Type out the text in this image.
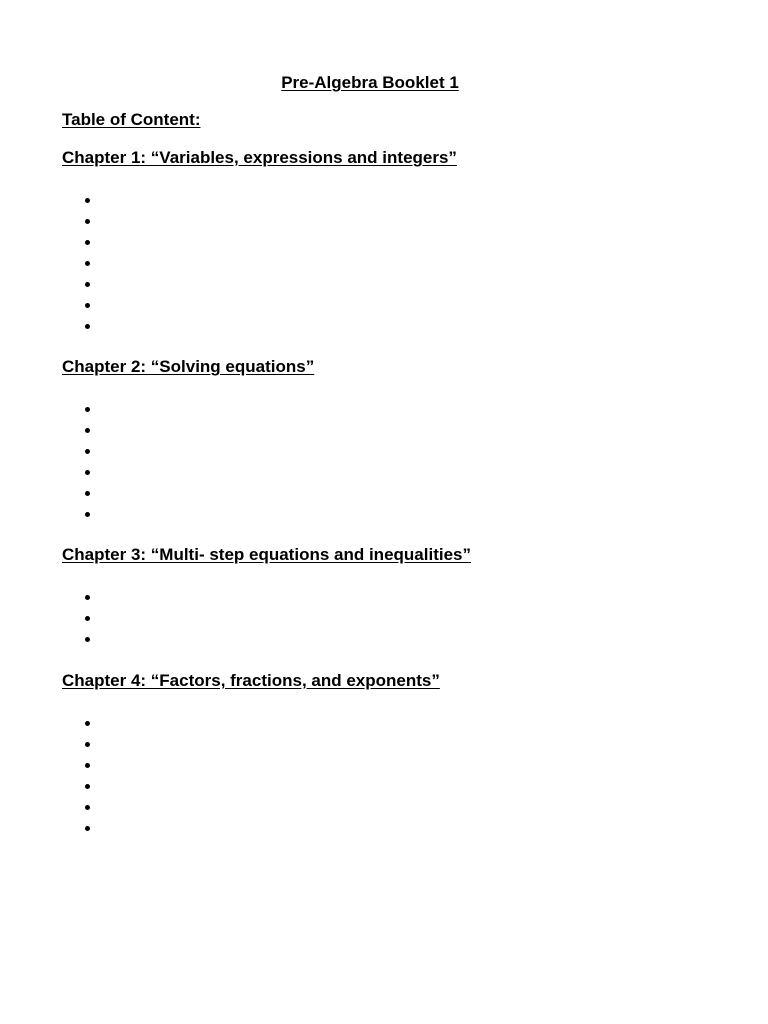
Pre-Algebra Booklet 1
Table of Content:
Chapter 1: “Variables, expressions and integers”
Chapter 2: “Solving equations”
Chapter 3: “Multi- step equations and inequalities”
Chapter 4: “Factors, fractions, and exponents”
